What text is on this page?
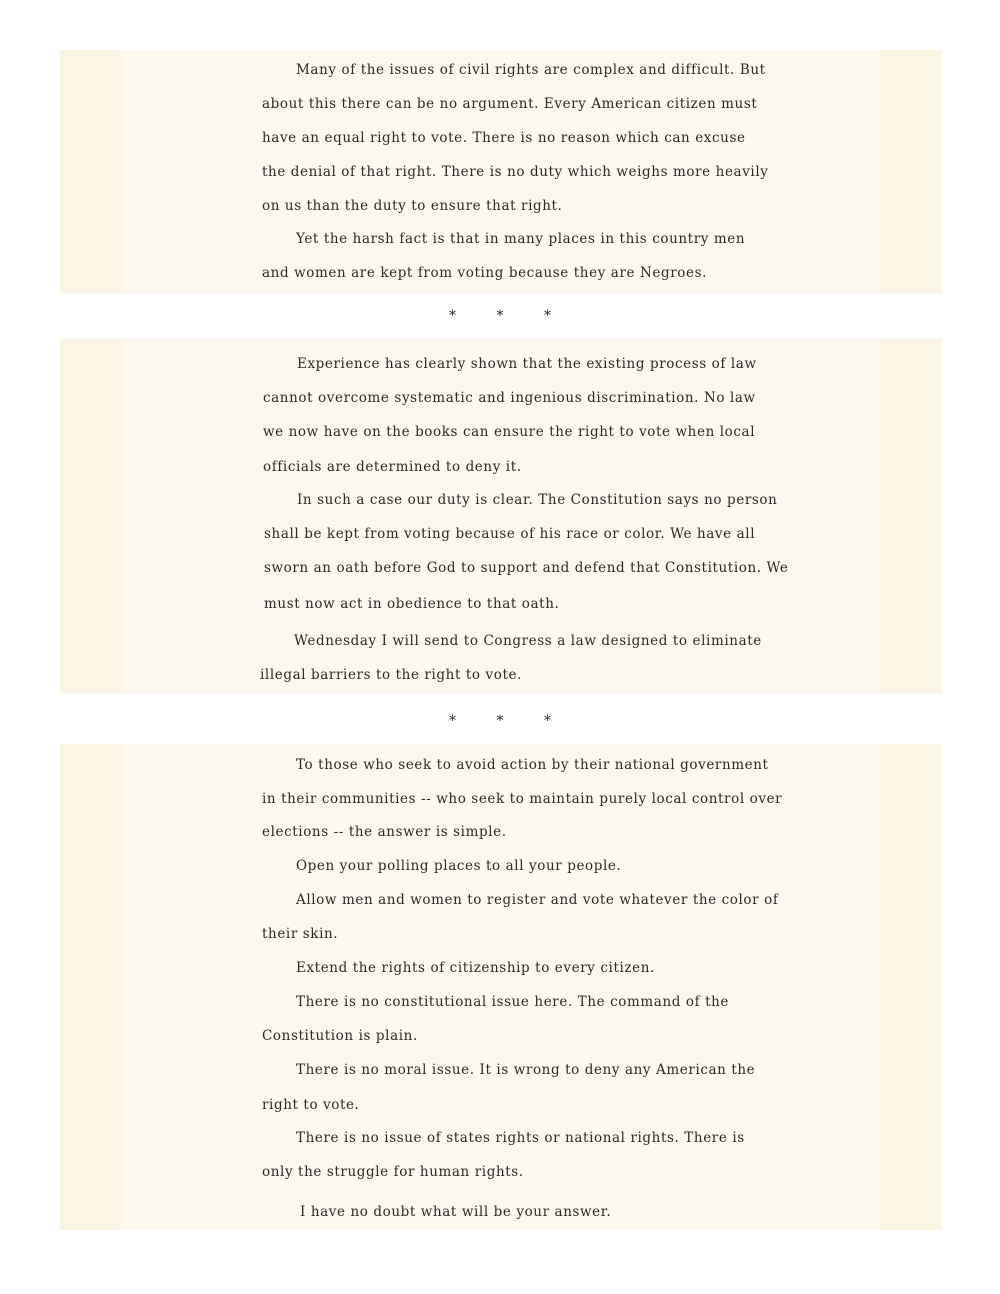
Many of the issues of civil rights are complex and difficult. But
about this there can be no argument. Every American citizen must
have an equal right to vote. There is no reason which can excuse
the denial of that right. There is no duty which weighs more heavily
on us than the duty to ensure that right.
Yet the harsh fact is that in many places in this country men
and women are kept from voting because they are Negroes.
* * *
Experience has clearly shown that the existing process of law
cannot overcome systematic and ingenious discrimination. No law
we now have on the books can ensure the right to vote when local
officials are determined to deny it.
In such a case our duty is clear. The Constitution says no person
shall be kept from voting because of his race or color. We have all
sworn an oath before God to support and defend that Constitution. We
must now act in obedience to that oath.
Wednesday I will send to Congress a law designed to eliminate
illegal barriers to the right to vote.
* * *
To those who seek to avoid action by their national government
in their communities -- who seek to maintain purely local control over
elections -- the answer is simple.
Open your polling places to all your people.
Allow men and women to register and vote whatever the color of
their skin.
Extend the rights of citizenship to every citizen.
There is no constitutional issue here. The command of the
Constitution is plain.
There is no moral issue. It is wrong to deny any American the
right to vote.
There is no issue of states rights or national rights. There is
only the struggle for human rights.
I have no doubt what will be your answer.
